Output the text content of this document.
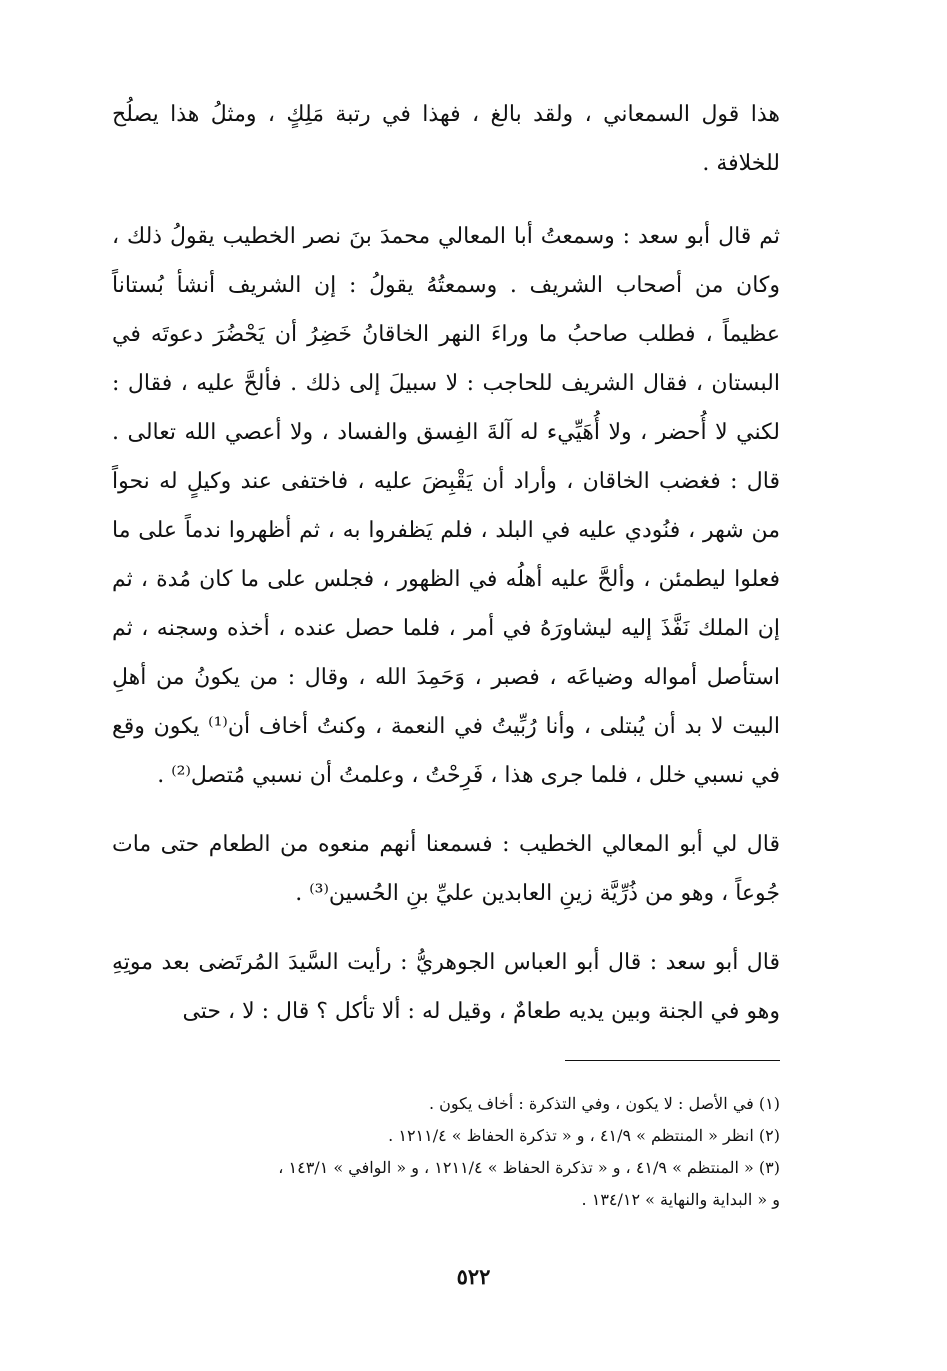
هذا قول السمعاني ، ولقد بالغ ، فهذا في رتبة مَلِكٍ ، ومثلُ هذا يصلُح للخلافة .

ثم قال أبو سعد : وسمعتُ أبا المعالي محمدَ بنَ نصر الخطيب يقولُ ذلك ، وكان من أصحاب الشريف . وسمعتُهُ يقولُ : إن الشريف أنشأ بُستاناً عظيماً ، فطلب صاحبُ ما وراءَ النهر الخاقانُ خَضِرُ أن يَحْضُرَ دعوتَه في البستان ، فقال الشريف للحاجب : لا سبيلَ إلى ذلك . فألحَّ عليه ، فقال : لكني لا أُحضر ، ولا أُهَيِّيء له آلةَ الفِسق والفساد ، ولا أعصي الله تعالى . قال : فغضب الخاقان ، وأراد أن يَقْبِضَ عليه ، فاختفى عند وكيلٍ له نحواً من شهر ، فنُودي عليه في البلد ، فلم يَظفروا به ، ثم أظهروا ندماً على ما فعلوا ليطمئن ، وألحَّ عليه أهلُه في الظهور ، فجلس على ما كان مُدة ، ثم إن الملك نَفَّذَ إليه ليشاورَهُ في أمر ، فلما حصل عنده ، أخذه وسجنه ، ثم استأصل أمواله وضياعَه ، فصبر ، وَحَمِدَ الله ، وقال : من يكونُ من أهلِ البيت لا بد أن يُبتلى ، وأنا رُبِّيتُ في النعمة ، وكنتُ أخاف أن⁽¹⁾ يكون وقع في نسبي خلل ، فلما جرى هذا ، فَرِحْتُ ، وعلمتُ أن نسبي مُتصل⁽²⁾ .

قال لي أبو المعالي الخطيب : فسمعنا أنهم منعوه من الطعام حتى مات جُوعاً ، وهو من ذُرِّيَّة زينِ العابدين عليِّ بنِ الحُسين⁽³⁾ .

قال أبو سعد : قال أبو العباس الجوهريُّ : رأيت السَّيدَ المُرتَضى بعد موتِهِ وهو في الجنة وبين يديه طعامٌ ، وقيل له : ألا تأكل ؟ قال : لا ، حتى

(١) في الأصل : لا يكون ، وفي التذكرة : أخاف يكون .
(٢) انظر « المنتظم » ٤١/٩ ، و « تذكرة الحفاظ » ١٢١١/٤ .
(٣) « المنتظم » ٤١/٩ ، و « تذكرة الحفاظ » ١٢١١/٤ ، و « الوافي » ١٤٣/١ ،
و « البداية والنهاية » ١٣٤/١٢ .
٥٢٢
